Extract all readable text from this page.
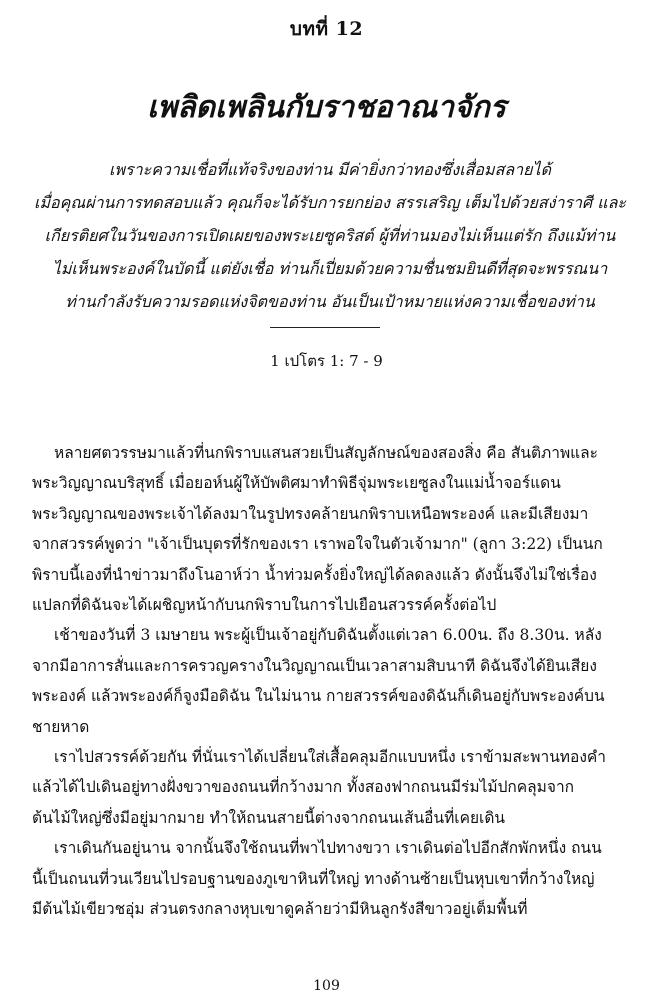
บทที่ 12
เพลิดเพลินกับราชอาณาจักร
เพราะความเชื่อที่แท้จริงของท่าน มีค่ายิ่งกว่าทองซึ่งเสื่อมสลายได้
เมื่อคุณผ่านการทดสอบแล้ว คุณก็จะได้รับการยกย่อง สรรเสริญ เต็มไปด้วยสง่าราศี และ
เกียรติยศในวันของการเปิดเผยของพระเยซูคริสต์ ผู้ที่ท่านมองไม่เห็นแต่รัก ถึงแม้ท่าน
ไม่เห็นพระองค์ในบัดนี้ แต่ยังเชื่อ ท่านก็เปี่ยมด้วยความชื่นชมยินดีที่สุดจะพรรณนา
ท่านกำลังรับความรอดแห่งจิตของท่าน อันเป็นเป้าหมายแห่งความเชื่อของท่าน
1 เปโตร 1: 7 - 9
หลายศตวรรษมาแล้วที่นกพิราบแสนสวยเป็นสัญลักษณ์ของสองสิ่ง คือ สันติภาพและ
พระวิญญาณบริสุทธิ์ เมื่อยอห์นผู้ให้บัพติศมาทำพิธีจุ่มพระเยซูลงในแม่น้ำจอร์แดน
พระวิญญาณของพระเจ้าได้ลงมาในรูปทรงคล้ายนกพิราบเหนือพระองค์ และมีเสียงมา
จากสวรรค์พูดว่า "เจ้าเป็นบุตรที่รักของเรา เราพอใจในตัวเจ้ามาก" (ลูกา 3:22) เป็นนก
พิราบนี้เองที่นำข่าวมาถึงโนอาห์ว่า น้ำท่วมครั้งยิ่งใหญ่ได้ลดลงแล้ว ดังนั้นจึงไม่ใช่เรื่อง
แปลกที่ดิฉันจะได้เผชิญหน้ากับนกพิราบในการไปเยือนสวรรค์ครั้งต่อไป
เช้าของวันที่ 3 เมษายน พระผู้เป็นเจ้าอยู่กับดิฉันตั้งแต่เวลา 6.00น. ถึง 8.30น. หลัง
จากมีอาการสั่นและการครวญครางในวิญญาณเป็นเวลาสามสิบนาที ดิฉันจึงได้ยินเสียง
พระองค์ แล้วพระองค์ก็จูงมือดิฉัน ในไม่นาน กายสวรรค์ของดิฉันก็เดินอยู่กับพระองค์บน
ชายหาด
เราไปสวรรค์ด้วยกัน ที่นั่นเราได้เปลี่ยนใส่เสื้อคลุมอีกแบบหนึ่ง เราข้ามสะพานทองคำ
แล้วได้ไปเดินอยู่ทางฝั่งขวาของถนนที่กว้างมาก ทั้งสองฟากถนนมีร่มไม้ปกคลุมจาก
ต้นไม้ใหญ่ซึ่งมีอยู่มากมาย ทำให้ถนนสายนี้ต่างจากถนนเส้นอื่นที่เคยเดิน
เราเดินกันอยู่นาน จากนั้นจึงใช้ถนนที่พาไปทางขวา เราเดินต่อไปอีกสักพักหนึ่ง ถนน
นี้เป็นถนนที่วนเวียนไปรอบฐานของภูเขาหินที่ใหญ่ ทางด้านซ้ายเป็นหุบเขาที่กว้างใหญ่
มีต้นไม้เขียวชอุ่ม ส่วนตรงกลางหุบเขาดูคล้ายว่ามีหินลูกรังสีขาวอยู่เต็มพื้นที่
109
